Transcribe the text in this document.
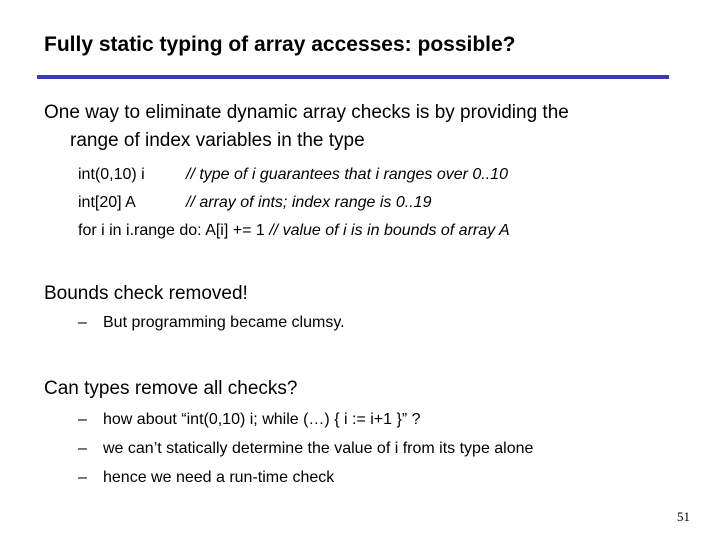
Fully static typing of array accesses: possible?
One way to eliminate dynamic array checks is by providing the
range of index variables in the type
int(0,10) i	// type of i guarantees that i ranges over 0..10
int[20] A	// array of ints; index range is 0..19
for i in i.range do: A[i] += 1 // value of i is in bounds of array A
Bounds check removed!
– But programming became clumsy.
Can types remove all checks?
– how about “int(0,10) i; while (…) { i := i+1 }” ?
– we can’t statically determine the value of i from its type alone
– hence we need a run-time check
51
